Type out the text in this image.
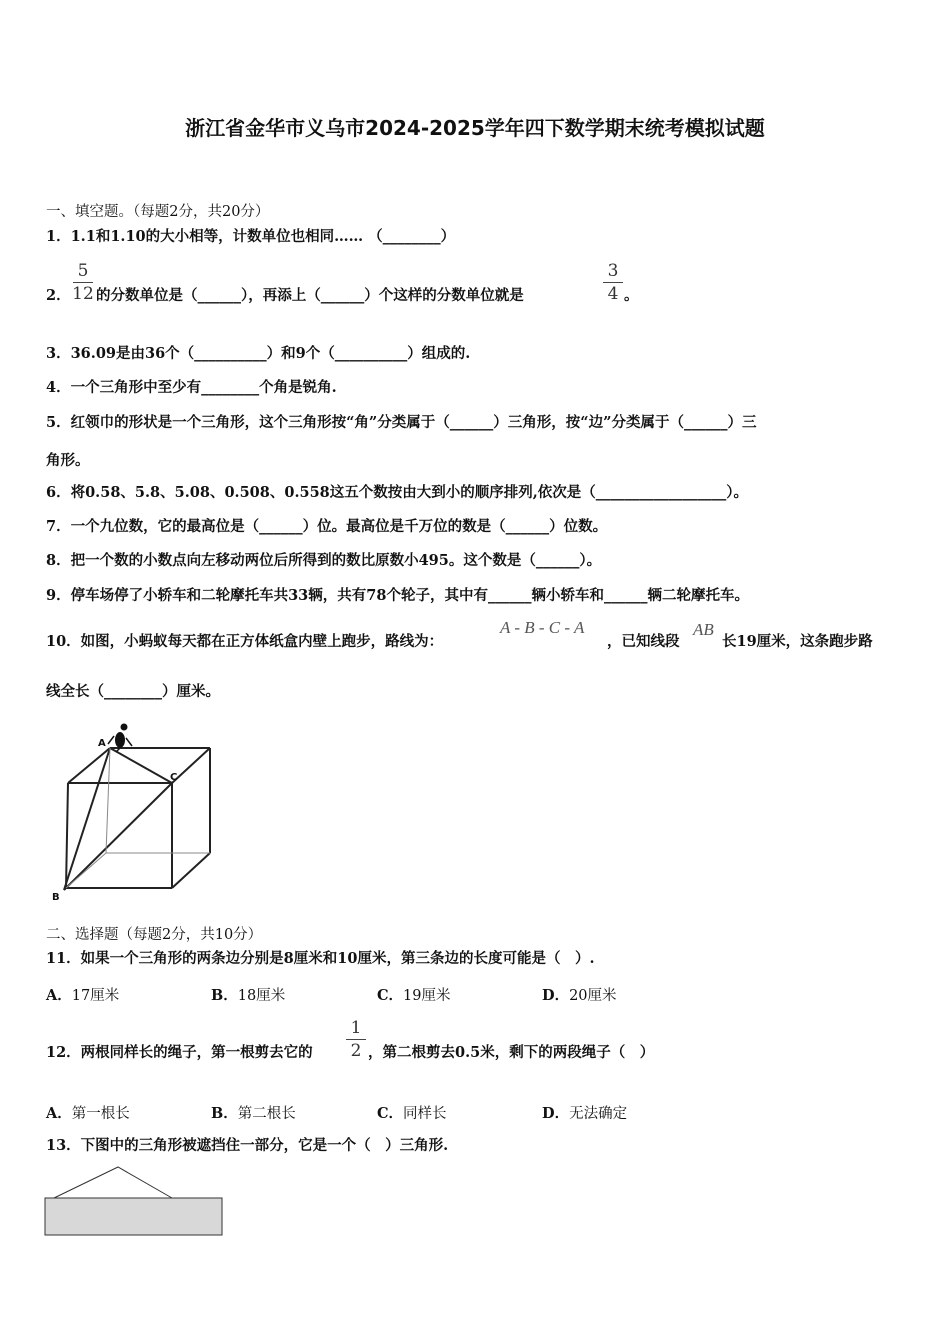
浙江省金华市义乌市2024-2025学年四下数学期末统考模拟试题
一、填空题。（每题2分，共20分）
1．1.1和1.10的大小相等，计数单位也相同…… （________）
2．
5
12 的分数单位是（______），再添上（______）个这样的分数单位就是
3
4 。
3．36.09是由36个（__________）和9个（__________）组成的.
4．一个三角形中至少有________个角是锐角.
5．红领巾的形状是一个三角形，这个三角形按“角”分类属于（______）三角形，按“边”分类属于（______）三
角形。
6．将0.58、5.8、5.08、0.508、0.558这五个数按由大到小的顺序排列,依次是（__________________）。
7．一个九位数，它的最高位是（______）位。最高位是千万位的数是（______）位数。
8．把一个数的小数点向左移动两位后所得到的数比原数小495。这个数是（______）。
9．停车场停了小轿车和二轮摩托车共33辆，共有78个轮子，其中有______辆小轿车和______辆二轮摩托车。
10．如图，小蚂蚁每天都在正方体纸盒内壁上跑步，路线为：
A - B - C - A
，已知线段
AB
长19厘米，这条跑步路
线全长（________）厘米。
A
C
B
二、选择题（每题2分，共10分）
11．如果一个三角形的两条边分别是8厘米和10厘米，第三条边的长度可能是（　）.
A．17厘米	B．18厘米	C．19厘米	D．20厘米
12．两根同样长的绳子，第一根剪去它的
1
2 ，第二根剪去0.5米，剩下的两段绳子（　）
A．第一根长	B．第二根长	C．同样长	D．无法确定
13．下图中的三角形被遮挡住一部分，它是一个（　）三角形.
